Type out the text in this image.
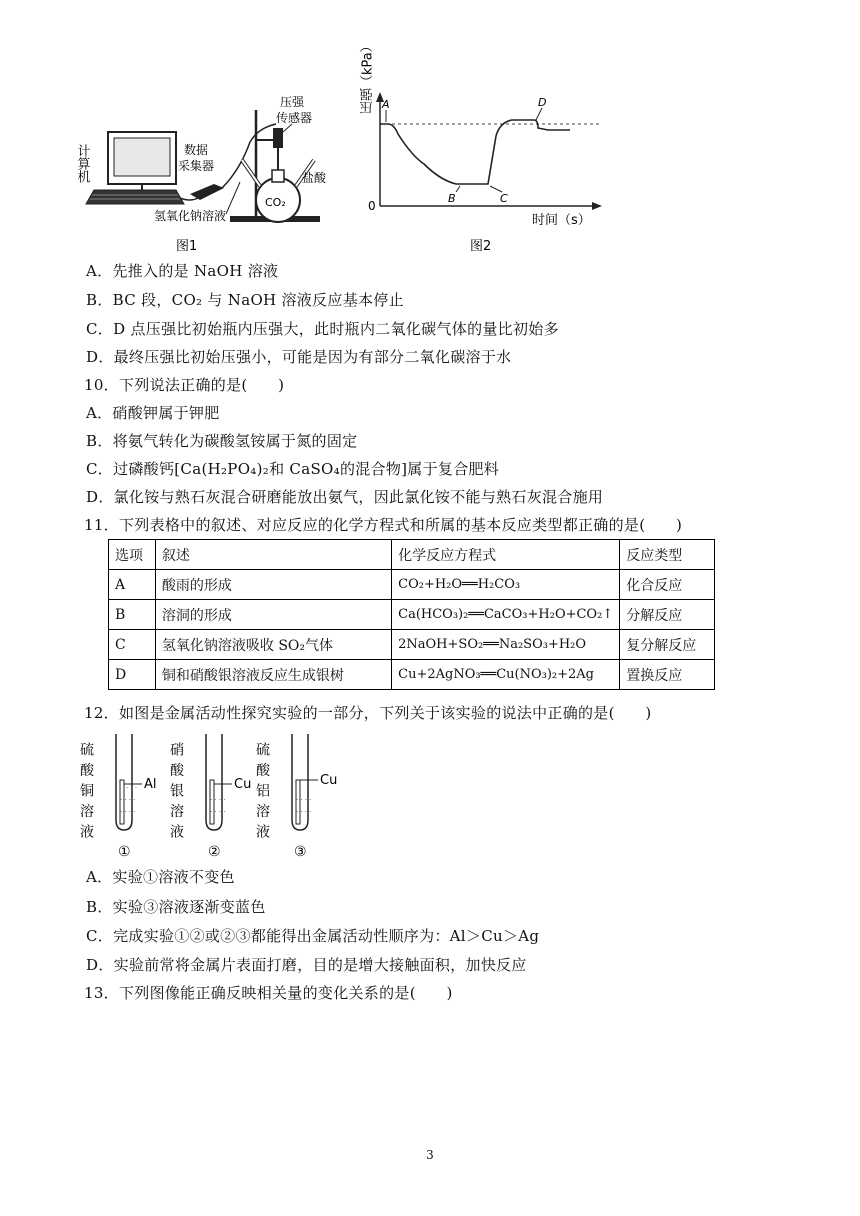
计算机	数据
采集器
压强
传感器
CO₂
盐酸
氢氧化钠溶液
图1
压强（kPa）
0
时间（s）
A
B	C
D
图2
A．先推入的是 NaOH 溶液
B．BC 段，CO₂ 与 NaOH 溶液反应基本停止
C．D 点压强比初始瓶内压强大，此时瓶内二氧化碳气体的量比初始多
D．最终压强比初始压强小，可能是因为有部分二氧化碳溶于水
10．下列说法正确的是(　　)
A．硝酸钾属于钾肥
B．将氨气转化为碳酸氢铵属于氮的固定
C．过磷酸钙[Ca(H₂PO₄)₂和 CaSO₄的混合物]属于复合肥料
D．氯化铵与熟石灰混合研磨能放出氨气，因此氯化铵不能与熟石灰混合施用
11．下列表格中的叙述、对应反应的化学方程式和所属的基本反应类型都正确的是(　　)
选项	叙述	化学反应方程式	反应类型
A	酸雨的形成	CO₂+H₂O══H₂CO₃	化合反应
B	溶洞的形成	Ca(HCO₃)₂══CaCO₃+H₂O+CO₂↑	分解反应
C	氢氧化钠溶液吸收 SO₂气体	2NaOH+SO₂══Na₂SO₃+H₂O	复分解反应
D	铜和硝酸银溶液反应生成银树	Cu+2AgNO₃══Cu(NO₃)₂+2Ag	置换反应
12．如图是金属活动性探究实验的一部分，下列关于该实验的说法中正确的是(　　)
硫酸铜溶液
· · ·
· · · ·
· · · ·
Al
①
硝酸银溶液
· · · ·
· · · ·
Cu
②
硫酸铝溶液
· · · ·
· · · ·
Cu
③
A．实验①溶液不变色
B．实验③溶液逐渐变蓝色
C．完成实验①②或②③都能得出金属活动性顺序为：Al＞Cu＞Ag
D．实验前常将金属片表面打磨，目的是增大接触面积，加快反应
13．下列图像能正确反映相关量的变化关系的是(　　)
3
